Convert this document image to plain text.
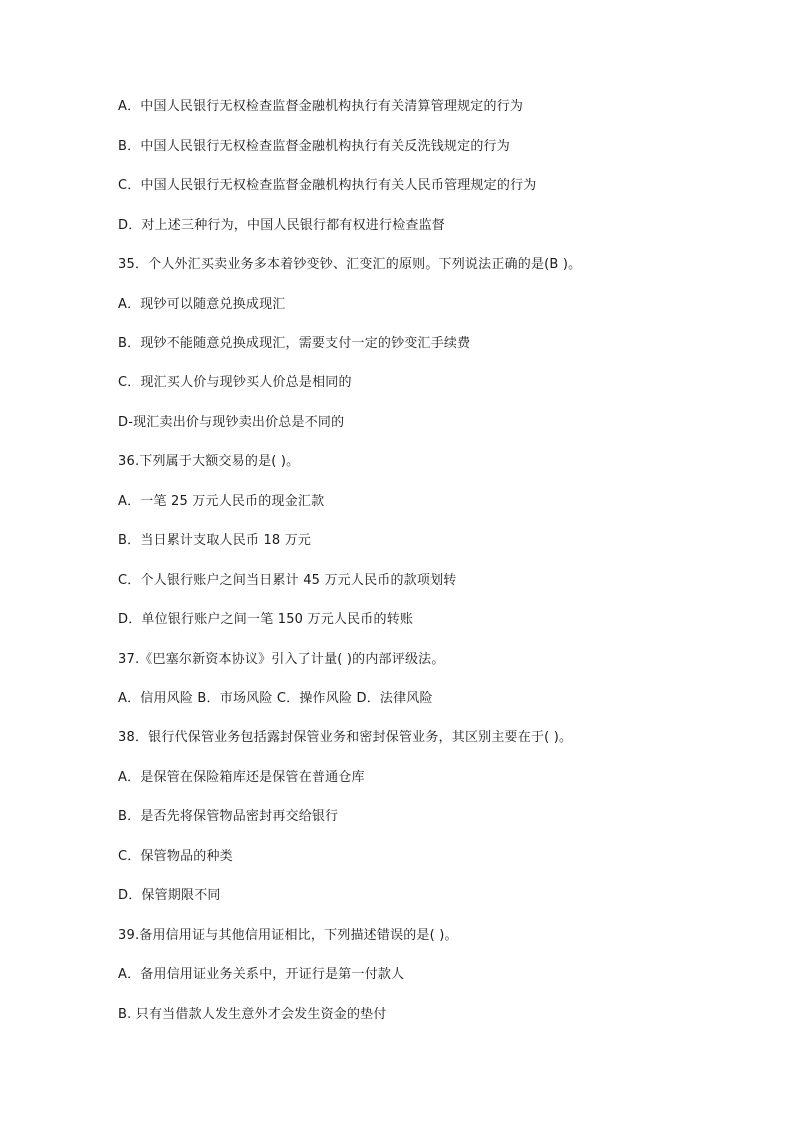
A．中国人民银行无权检查监督金融机构执行有关清算管理规定的行为
B．中国人民银行无权检查监督金融机构执行有关反洗钱规定的行为
C．中国人民银行无权检查监督金融机构执行有关人民币管理规定的行为
D．对上述三种行为，中国人民银行都有权进行检查监督
35．个人外汇买卖业务多本着钞变钞、汇变汇的原则。下列说法正确的是(B )。
A．现钞可以随意兑换成现汇
B．现钞不能随意兑换成现汇，需要支付一定的钞变汇手续费
C．现汇买人价与现钞买人价总是相同的
D-现汇卖出价与现钞卖出价总是不同的
36.下列属于大额交易的是( )。
A．一笔 25 万元人民币的现金汇款
B．当日累计支取人民币 18 万元
C．个人银行账户之间当日累计 45 万元人民币的款项划转
D．单位银行账户之间一笔 150 万元人民币的转账
37.《巴塞尔新资本协议》引入了计量( )的内部评级法。
A．信用风险 B．市场风险 C．操作风险 D．法律风险
38．银行代保管业务包括露封保管业务和密封保管业务，其区别主要在于( )。
A．是保管在保险箱库还是保管在普通仓库
B．是否先将保管物品密封再交给银行
C．保管物品的种类
D．保管期限不同
39.备用信用证与其他信用证相比，下列描述错误的是( )。
A．备用信用证业务关系中，开证行是第一付款人
B. 只有当借款人发生意外才会发生资金的垫付
